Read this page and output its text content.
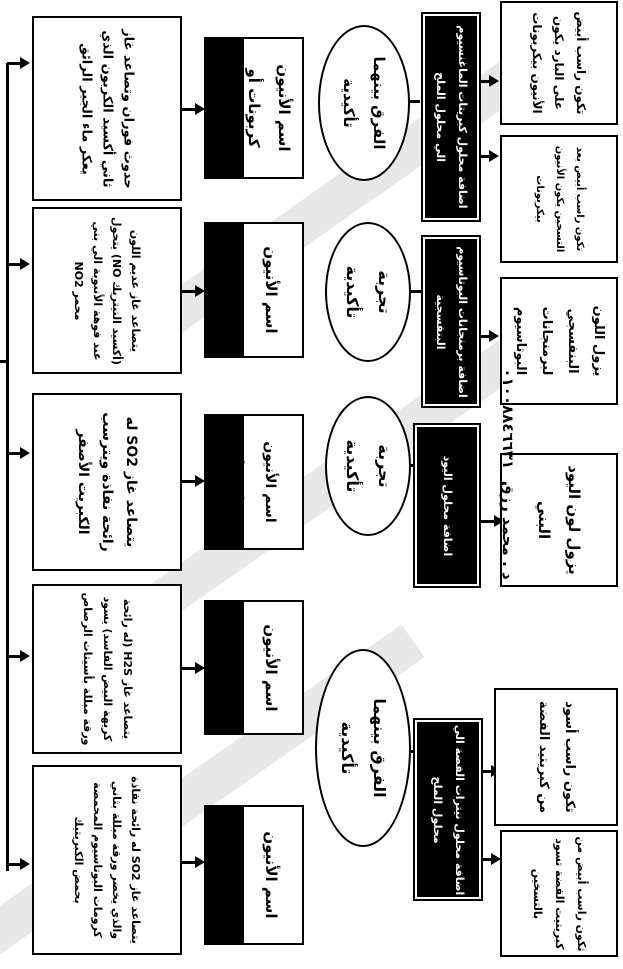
حدوث فوران وتصاعد غاز ثاني أكسيد الكربون الذي يعكر ماء الجير الرائق
يتصاعد غاز عديم اللون (أكسيد النيتريك NO) يتحول عند فوهة الأنبوبة الي بني محمر NO2
يتصاعد غاز SO2 له رائحة نفاذة ويترسب الكبريت الأصفر
يتصاعد غاز H2S (له رائحة كريهة البيض الفاسد) يسود ورقة مبللة بأسيتات الرصاص
يتصاعد غاز SO2 له رائحة نفاذة والذي يخضر ورقة مبللة بثاني كرومات البوتاسيوم المحمضة بحمض الكبريتيك
اسم الأنيون كربونات أو بيكربونات
اسم الأنيون نيتريت
اسم الأنيون ثيوكبريتات
اسم الأنيون كبريتيد
اسم الأنيون كبريتيت
الفرق بينهما تأكيدية
تجربة تأكيدية
تجربة تأكيدية
الفرق بينهما تأكيدية
اضافة محلول كبريتات الماغنسيوم الي محلول الملح
اضافة برمنجانات البوتاسيوم البنفسجية
اضافة محلول اليود
اضافة محلول نيترات الفضة الي محلول الملح
تكون راسب أبيض على البارد يكون الأنيون بيكربونات
تكون راسب أبيض بعد التسخين يكون الأنيون بيكربونات
يزول اللون البنفسجي لبرمنجانات البوتاسيوم
يزول لون اليود البني
تكون راسب أسود من كبريتيد الفضة
تكون راسب أبيض من كبريتيت الفضة تسود بالتسخين
د . محمد رزق٠١٠٠٨٨٤٦٦٣١
